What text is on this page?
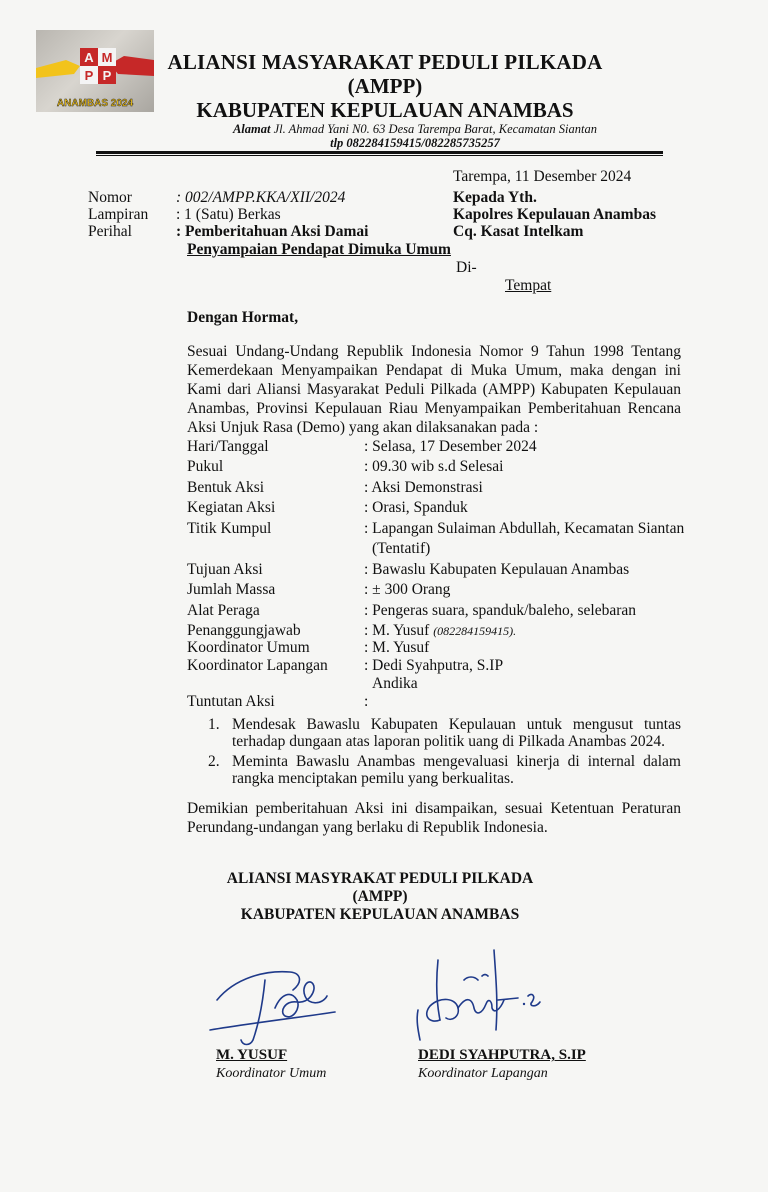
A M
P P
ANAMBAS 2024
ALIANSI MASYARAKAT PEDULI PILKADA
(AMPP)
KABUPATEN KEPULAUAN ANAMBAS
Alamat Jl. Ahmad Yani N0. 63 Desa Tarempa Barat, Kecamatan Siantan
tlp 082284159415/082285735257
Tarempa, 11 Desember 2024
Nomor	: 002/AMPP.KKA/XII/2024
Lampiran : 1 (Satu) Berkas
Perihal	: Pemberitahuan Aksi Damai
Penyampaian Pendapat Dimuka Umum
Kepada Yth.
Kapolres Kepulauan Anambas
Cq. Kasat Intelkam
Di-
Tempat
Dengan Hormat,
Sesuai Undang-Undang Republik Indonesia Nomor 9 Tahun 1998 Tentang Kemerdekaan Menyampaikan Pendapat di Muka Umum, maka dengan ini Kami dari Aliansi Masyarakat Peduli Pilkada (AMPP) Kabupaten Kepulauan Anambas, Provinsi Kepulauan Riau Menyampaikan Pemberitahuan Rencana Aksi Unjuk Rasa (Demo) yang akan dilaksanakan pada :
Hari/Tanggal	: Selasa, 17 Desember 2024
Pukul	: 09.30 wib s.d Selesai
Bentuk Aksi	: Aksi Demonstrasi
Kegiatan Aksi	: Orasi, Spanduk
Titik Kumpul	: Lapangan Sulaiman Abdullah, Kecamatan Siantan
(Tentatif)
Tujuan Aksi	: Bawaslu Kabupaten Kepulauan Anambas
Jumlah Massa	: ± 300 Orang
Alat Peraga	: Pengeras suara, spanduk/baleho, selebaran
Penanggungjawab	: M. Yusuf (082284159415).
Koordinator Umum	: M. Yusuf
Koordinator Lapangan : Dedi Syahputra, S.IP
Andika
Tuntutan Aksi	:
1. Mendesak Bawaslu Kabupaten Kepulauan untuk mengusut tuntas terhadap dungaan atas laporan politik uang di Pilkada Anambas 2024.
2. Meminta Bawaslu Anambas mengevaluasi kinerja di internal dalam rangka menciptakan pemilu yang berkualitas.
Demikian pemberitahuan Aksi ini disampaikan, sesuai Ketentuan Peraturan Perundang-undangan yang berlaku di Republik Indonesia.
ALIANSI MASYRAKAT PEDULI PILKADA
(AMPP)
KABUPATEN KEPULAUAN ANAMBAS
M. YUSUF
Koordinator Umum
DEDI SYAHPUTRA, S.IP
Koordinator Lapangan
